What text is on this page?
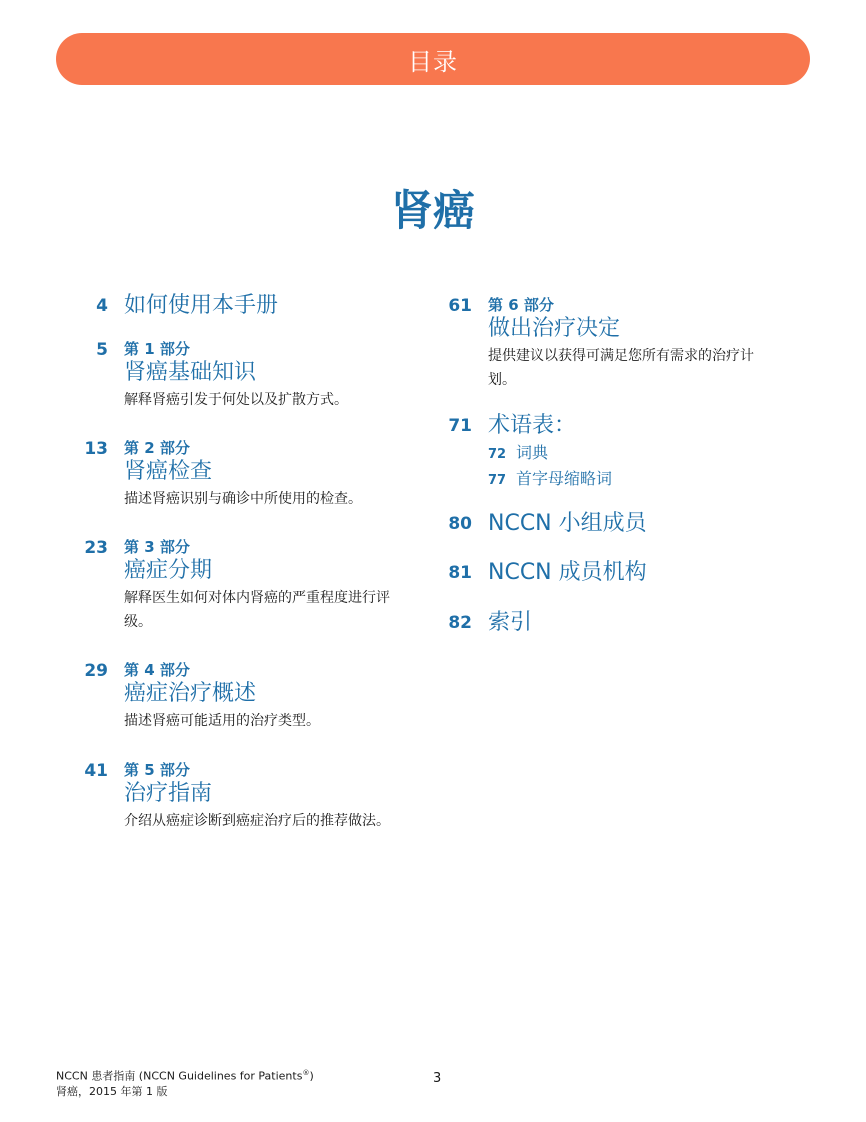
目录
肾癌
4 如何使用本手册
5 第 1 部分
肾癌基础知识
解释肾癌引发于何处以及扩散方式。
13 第 2 部分
肾癌检查
描述肾癌识别与确诊中所使用的检查。
23 第 3 部分
癌症分期
解释医生如何对体内肾癌的严重程度进行评级。
29 第 4 部分
癌症治疗概述
描述肾癌可能适用的治疗类型。
41 第 5 部分
治疗指南
介绍从癌症诊断到癌症治疗后的推荐做法。
61 第 6 部分
做出治疗决定
提供建议以获得可满足您所有需求的治疗计划。
71 术语表：
72 词典
77 首字母缩略词
80 NCCN 小组成员
81 NCCN 成员机构
82 索引
NCCN 患者指南 (NCCN Guidelines for Patients®)
肾癌，2015 年第 1 版
3
